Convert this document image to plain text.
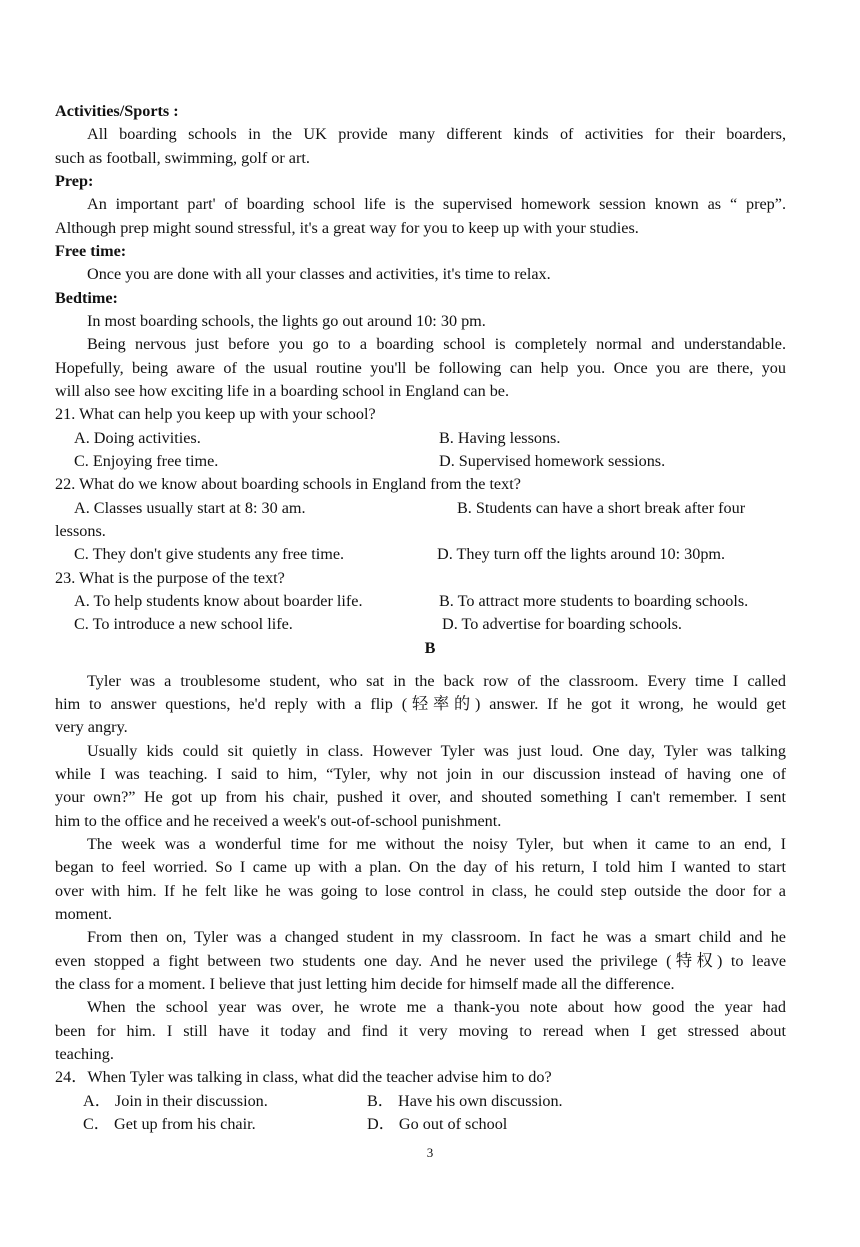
Activities/Sports :
All boarding schools in the UK provide many different kinds of activities for their boarders,
such as football, swimming, golf or art.
Prep:
An important part' of boarding school life is the supervised homework session known as “ prep”.
Although prep might sound stressful, it's a great way for you to keep up with your studies.
Free time:
Once you are done with all your classes and activities, it's time to relax.
Bedtime:
In most boarding schools, the lights go out around 10: 30 pm.
Being nervous just before you go to a boarding school is completely normal and understandable.
Hopefully, being aware of the usual routine you'll be following can help you. Once you are there, you
will also see how exciting life in a boarding school in England can be.
21. What can help you keep up with your school?
A. Doing activities.	B. Having lessons.
C. Enjoying free time.	D. Supervised homework sessions.
22. What do we know about boarding schools in England from the text?
A. Classes usually start at 8: 30 am.	B. Students can have a short break after four
lessons.
C. They don't give students any free time.	D. They turn off the lights around 10: 30pm.
23. What is the purpose of the text?
A. To help students know about boarder life.	B. To attract more students to boarding schools.
C. To introduce a new school life.	D. To advertise for boarding schools.
B
Tyler was a troublesome student, who sat in the back row of the classroom. Every time I called
him to answer questions, he'd reply with a flip (轻率的) answer. If he got it wrong, he would get
very angry.
Usually kids could sit quietly in class. However Tyler was just loud. One day, Tyler was talking
while I was teaching. I said to him, “Tyler, why not join in our discussion instead of having one of
your own?” He got up from his chair, pushed it over, and shouted something I can't remember. I sent
him to the office and he received a week's out-of-school punishment.
The week was a wonderful time for me without the noisy Tyler, but when it came to an end, I
began to feel worried. So I came up with a plan. On the day of his return, I told him I wanted to start
over with him. If he felt like he was going to lose control in class, he could step outside the door for a
moment.
From then on, Tyler was a changed student in my classroom. In fact he was a smart child and he
even stopped a fight between two students one day. And he never used the privilege (特权) to leave
the class for a moment. I believe that just letting him decide for himself made all the difference.
When the school year was over, he wrote me a thank-you note about how good the year had
been for him. I still have it today and find it very moving to reread when I get stressed about
teaching.
24．When Tyler was talking in class, what did the teacher advise him to do?
A． Join in their discussion.	B． Have his own discussion.
C． Get up from his chair.	D． Go out of school
3
